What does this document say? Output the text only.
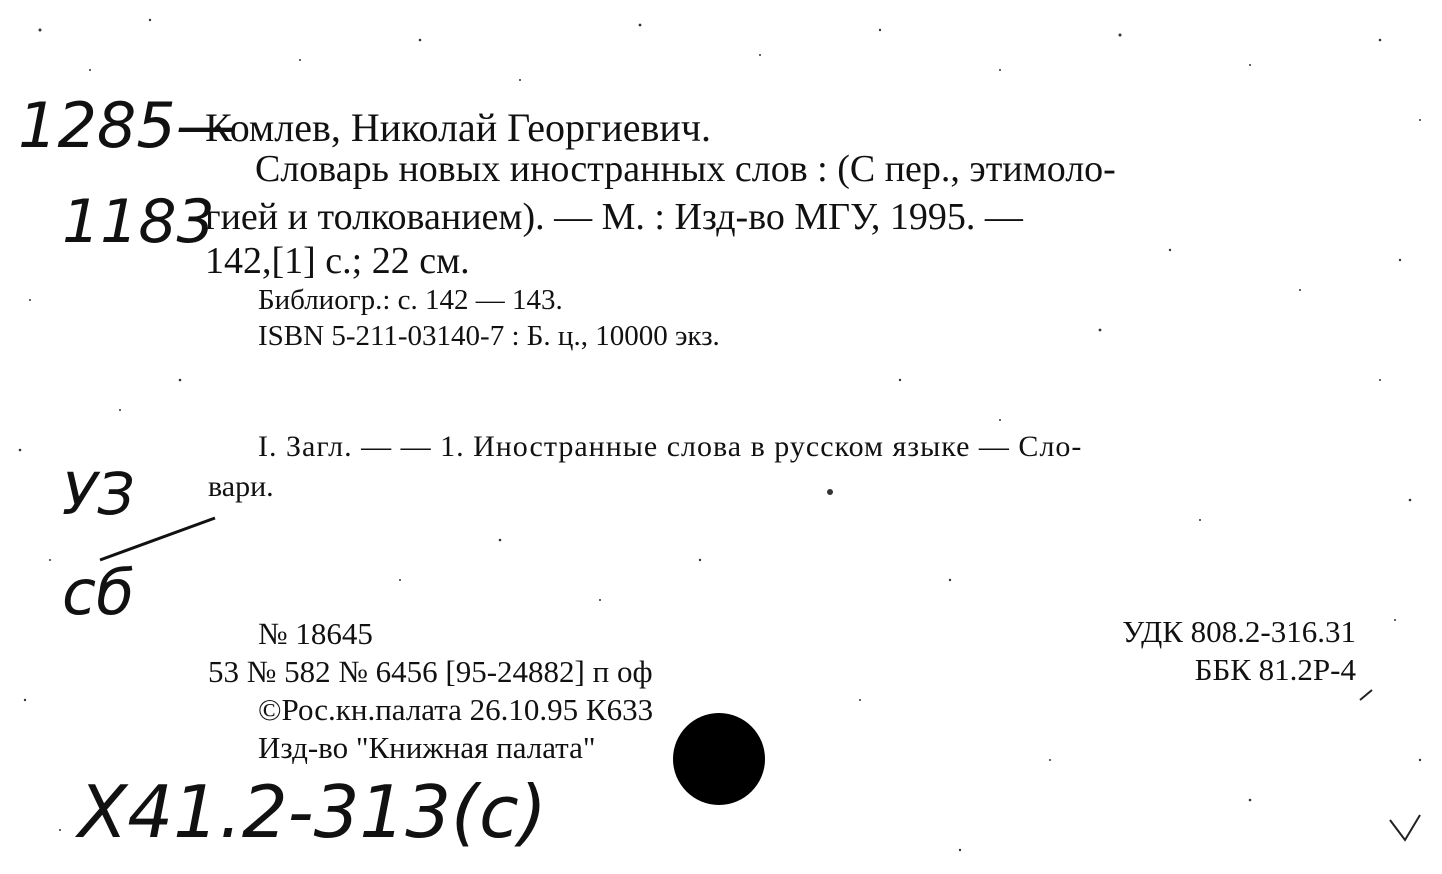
1285—
1183
УЗ
сб
Х41.2-313(с)
Комлев, Николай Георгиевич.
Словарь новых иностранных слов : (С пер., этимоло-
гией и толкованием). — М. : Изд-во МГУ, 1995. —
142,[1] с.; 22 см.
Библиогр.: с. 142 — 143.
ISBN 5-211-03140-7 : Б. ц., 10000 экз.
I. Загл. — — 1. Иностранные слова в русском языке — Сло-
вари.
№ 18645
53 № 582 № 6456 [95-24882] п оф
©Рос.кн.палата 26.10.95 К633
Изд-во "Книжная палата"
УДК 808.2-316.31
ББК 81.2Р-4
